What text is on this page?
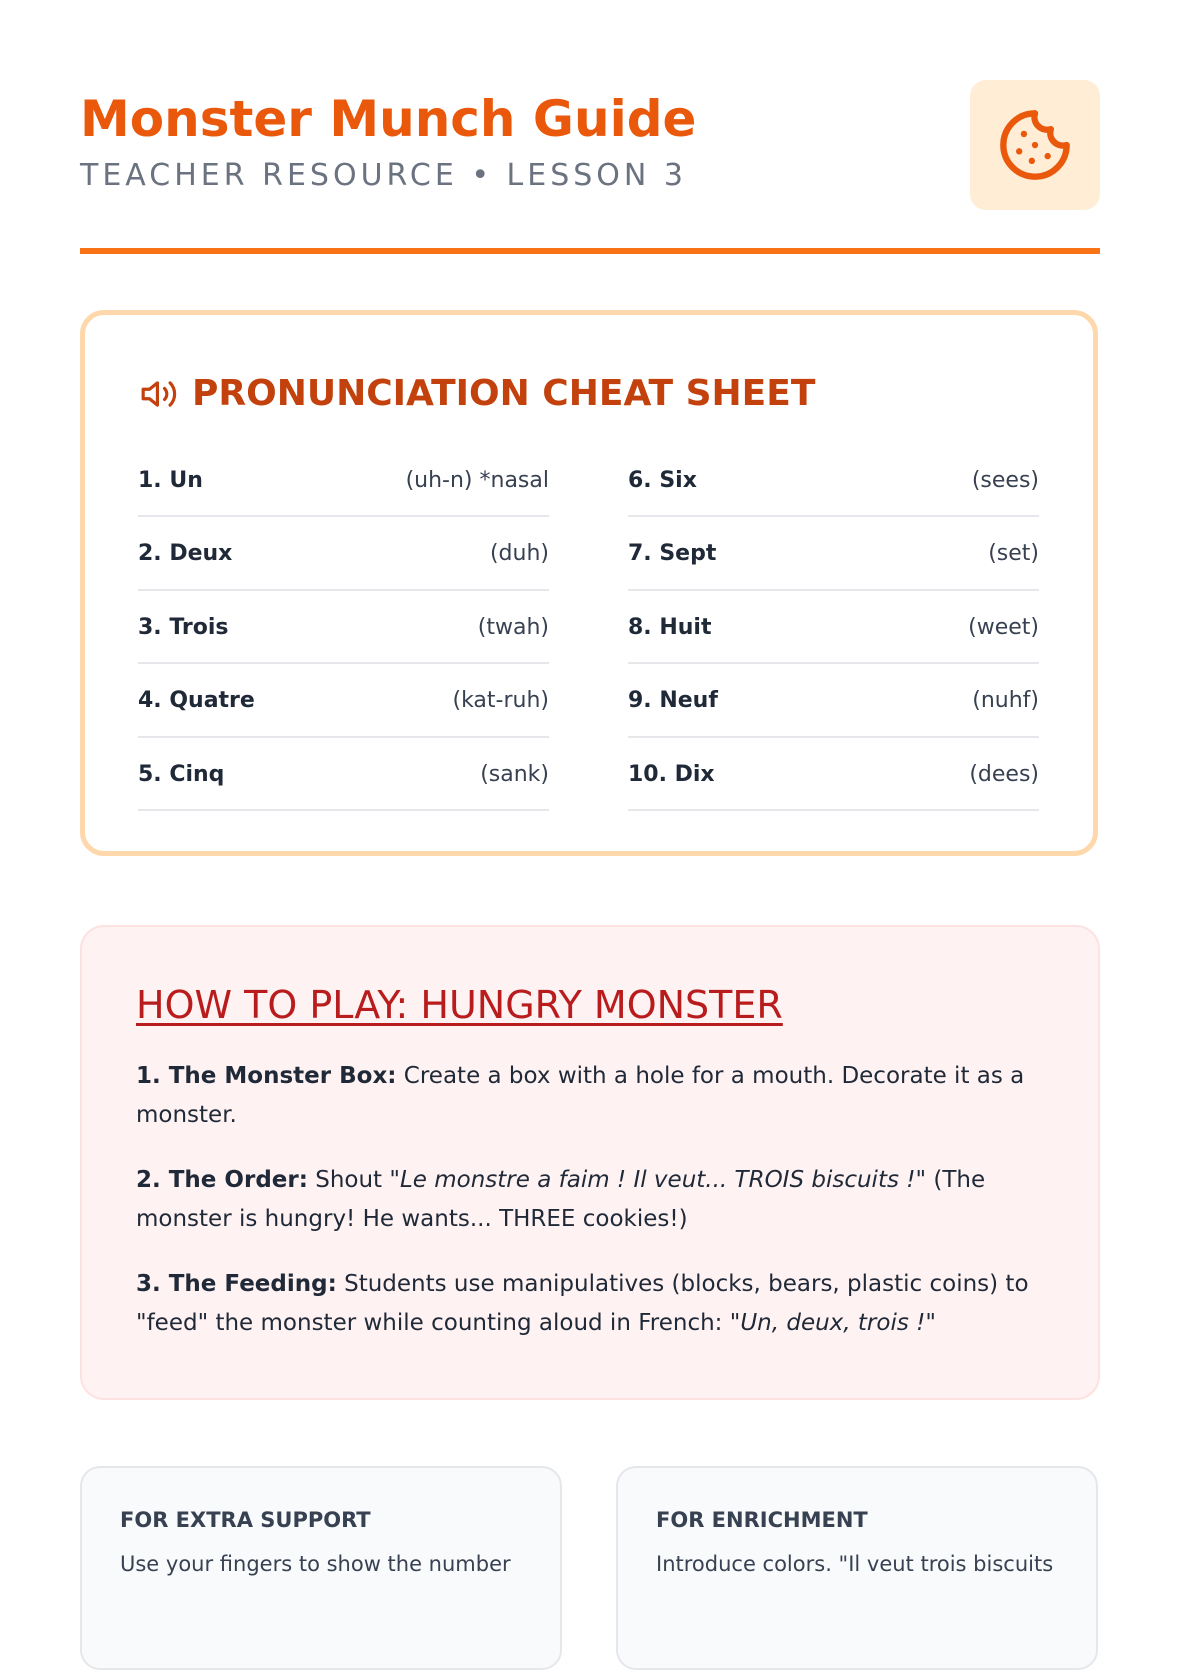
Monster Munch Guide
TEACHER RESOURCE • LESSON 3
PRONUNCIATION CHEAT SHEET
1. Un	(uh-n) *nasal
2. Deux	(duh)
3. Trois	(twah)
4. Quatre	(kat-ruh)
5. Cinq	(sank)
6. Six	(sees)
7. Sept	(set)
8. Huit	(weet)
9. Neuf	(nuhf)
10. Dix	(dees)
HOW TO PLAY: HUNGRY MONSTER

1. The Monster Box: Create a box with a hole for a mouth. Decorate it as a monster.

2. The Order: Shout "Le monstre a faim ! Il veut... TROIS biscuits !" (The monster is hungry! He wants... THREE cookies!)

3. The Feeding: Students use manipulatives (blocks, bears, plastic coins) to "feed" the monster while counting aloud in French: "Un, deux, trois !"

FOR EXTRA SUPPORT
Use your fingers to show the number
FOR ENRICHMENT
Introduce colors. "Il veut trois biscuits
